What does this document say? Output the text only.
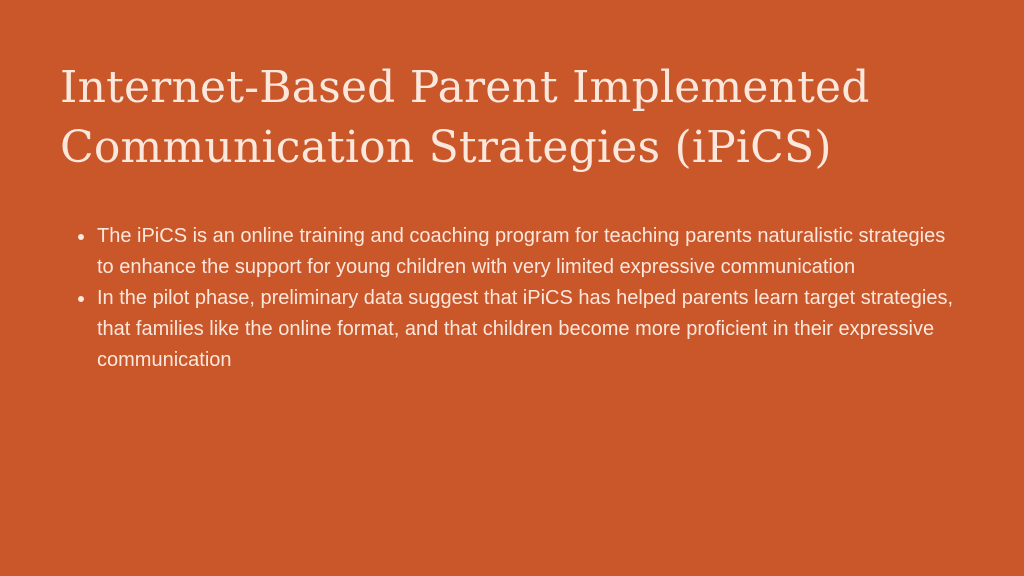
Internet-Based Parent Implemented
Communication Strategies (iPiCS)
The iPiCS is an online training and coaching program for teaching parents naturalistic strategies to enhance the support for young children with very limited expressive communication
In the pilot phase, preliminary data suggest that iPiCS has helped parents learn target strategies, that families like the online format, and that children become more proficient in their expressive communication
